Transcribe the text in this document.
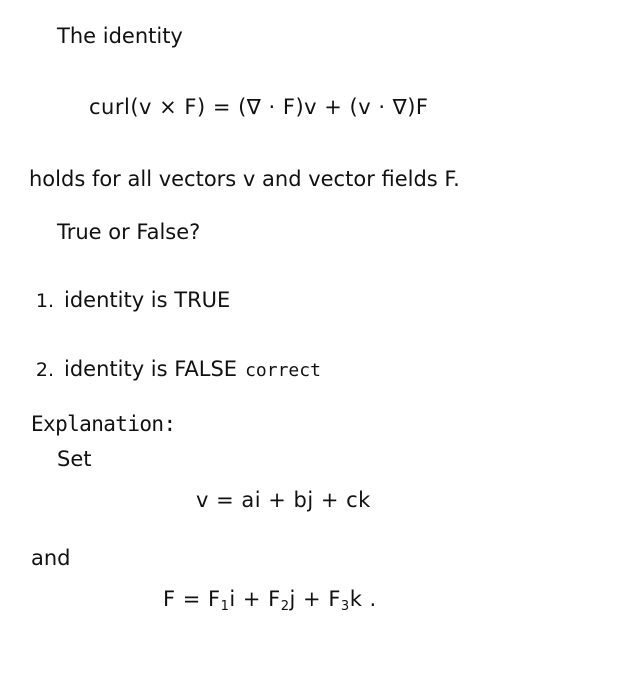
The identity
curl(v × F) = (∇ · F)v + (v · ∇)F
holds for all vectors v and vector fields F.
True or False?
1. identity is TRUE
2. identity is FALSE correct
Explanation:
Set
v = ai + bj + ck
and
$F = F_1i + F_2j + F_3k$ .
